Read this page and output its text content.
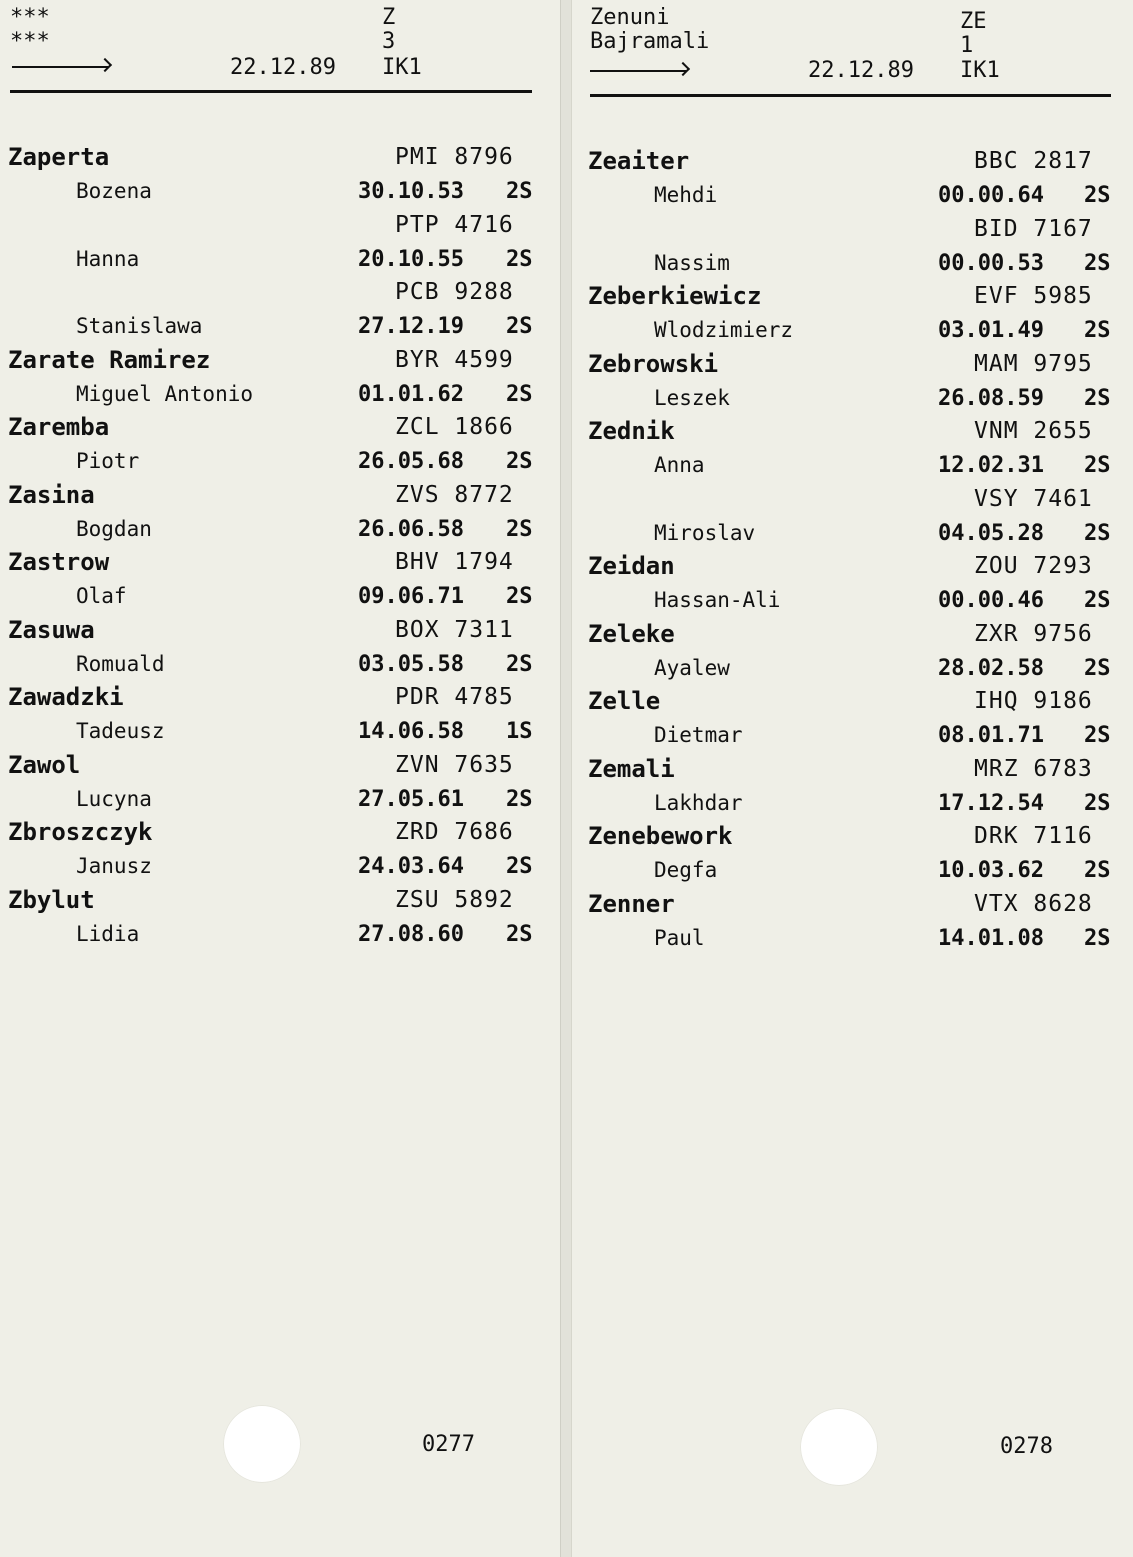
***
***
Z
3
22.12.89 IK1
Zaperta	PMI 8796
Bozena	30.10.53 2S
PTP 4716
Hanna	20.10.55 2S
PCB 9288
Stanislawa	27.12.19 2S
Zarate Ramirez	BYR 4599
Miguel Antonio	01.01.62 2S
Zaremba	ZCL 1866
Piotr	26.05.68 2S
Zasina	ZVS 8772
Bogdan	26.06.58 2S
Zastrow	BHV 1794
Olaf	09.06.71 2S
Zasuwa	BOX 7311
Romuald	03.05.58 2S
Zawadzki	PDR 4785
Tadeusz	14.06.58 1S
Zawol	ZVN 7635
Lucyna	27.05.61 2S
Zbroszczyk	ZRD 7686
Janusz	24.03.64 2S
Zbylut	ZSU 5892
Lidia	27.08.60 2S
0277
Zenuni
Bajramali
ZE
1
22.12.89 IK1
Zeaiter	BBC 2817
Mehdi	00.00.64 2S
BID 7167
Nassim	00.00.53 2S
Zeberkiewicz	EVF 5985
Wlodzimierz	03.01.49 2S
Zebrowski	MAM 9795
Leszek	26.08.59 2S
Zednik	VNM 2655
Anna	12.02.31 2S
VSY 7461
Miroslav	04.05.28 2S
Zeidan	ZOU 7293
Hassan-Ali	00.00.46 2S
Zeleke	ZXR 9756
Ayalew	28.02.58 2S
Zelle	IHQ 9186
Dietmar	08.01.71 2S
Zemali	MRZ 6783
Lakhdar	17.12.54 2S
Zenebework	DRK 7116
Degfa	10.03.62 2S
Zenner	VTX 8628
Paul	14.01.08 2S
0278
